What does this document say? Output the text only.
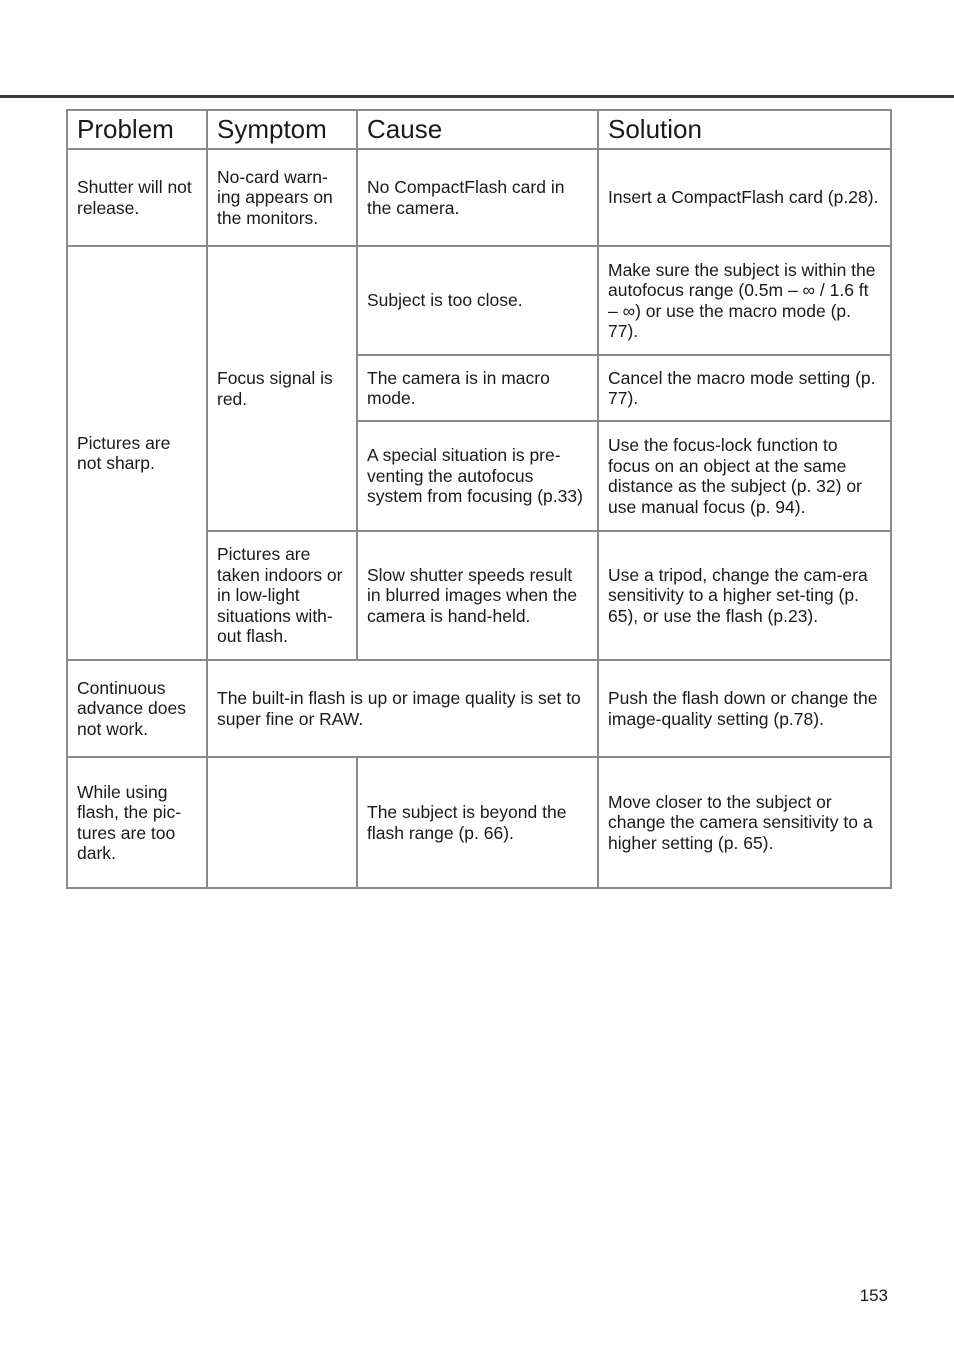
Problem	Symptom	Cause	Solution
Shutter will not release.	No-card warn-ing appears on the monitors.	No CompactFlash card in the camera.	Insert a CompactFlash card (p.28).
Pictures are not sharp.	Focus signal is red.	Subject is too close.	Make sure the subject is within the autofocus range (0.5m – ∞ / 1.6 ft – ∞) or use the macro mode (p. 77).
		The camera is in macro mode.	Cancel the macro mode setting (p. 77).
		A special situation is pre-venting the autofocus system from focusing (p.33)	Use the focus-lock function to focus on an object at the same distance as the subject (p. 32) or use manual focus (p. 94).
	Pictures are taken indoors or in low-light situations with-out flash.	Slow shutter speeds result in blurred images when the camera is hand-held.	Use a tripod, change the cam-era sensitivity to a higher set-ting (p. 65), or use the flash (p.23).
Continuous advance does not work.	The built-in flash is up or image quality is set to super fine or RAW.		Push the flash down or change the image-quality setting (p.78).
While using flash, the pic-tures are too dark.		The subject is beyond the flash range (p. 66).	Move closer to the subject or change the camera sensitivity to a higher setting (p. 65).
153
